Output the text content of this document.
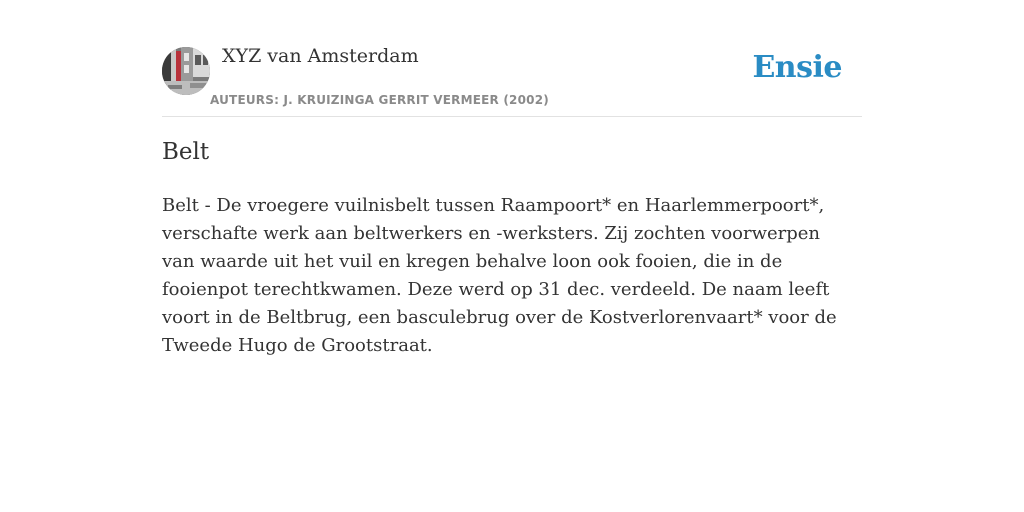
XYZ van Amsterdam
AUTEURS: J. KRUIZINGA GERRIT VERMEER (2002)
Ensie
Belt

Belt - De vroegere vuilnisbelt tussen Raampoort* en Haarlemmerpoort*, verschafte werk aan beltwerkers en -werksters. Zij zochten voorwerpen van waarde uit het vuil en kregen behalve loon ook fooien, die in de fooienpot terechtkwamen. Deze werd op 31 dec. verdeeld. De naam leeft voort in de Beltbrug, een basculebrug over de Kostverlorenvaart* voor de Tweede Hugo de Grootstraat.
